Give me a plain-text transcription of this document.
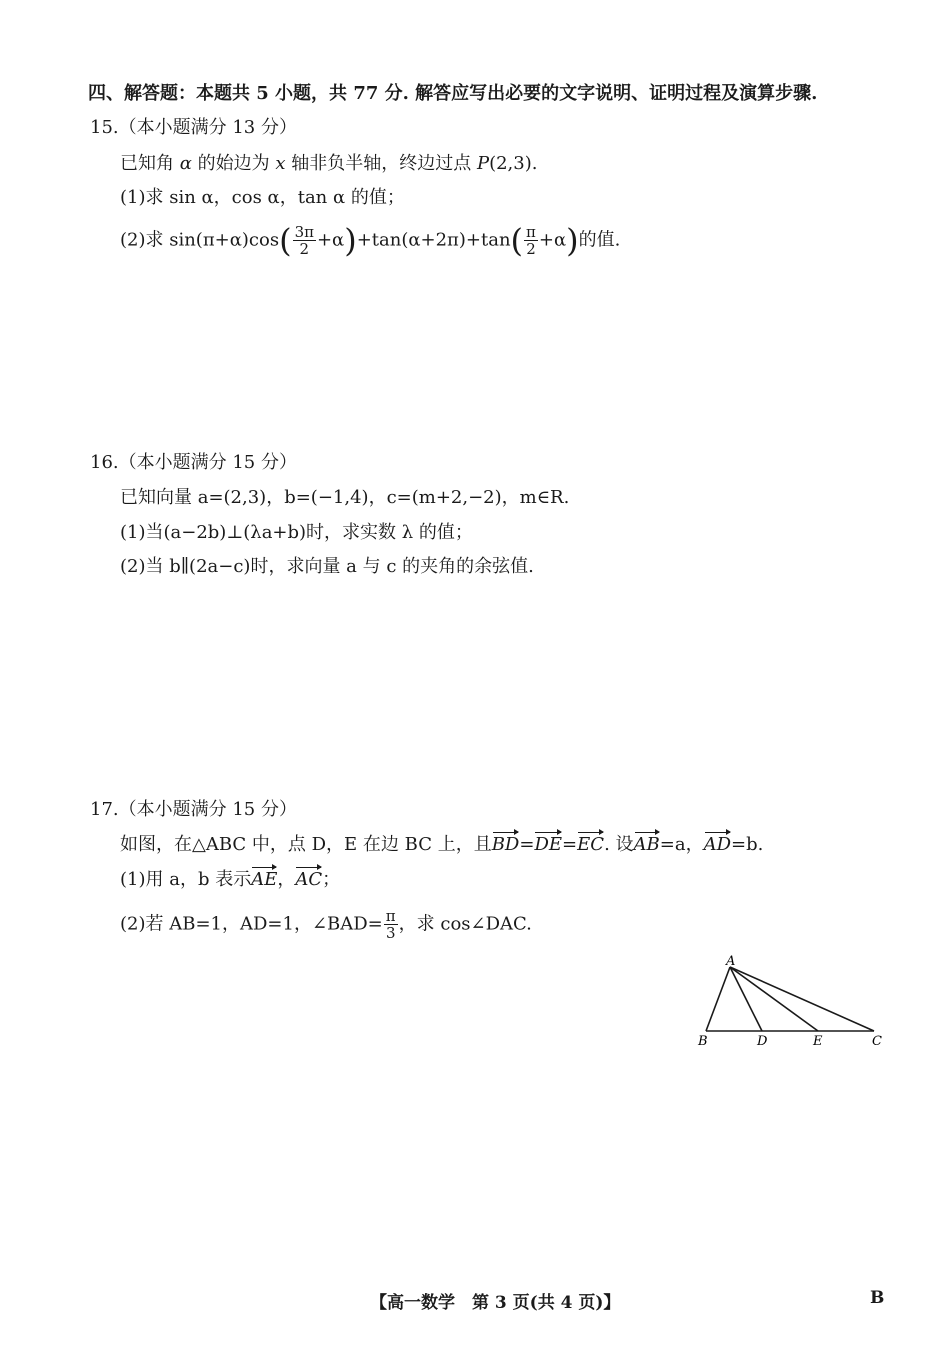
四、解答题：本题共 5 小题，共 77 分. 解答应写出必要的文字说明、证明过程及演算步骤.
15.（本小题满分 13 分）
已知角 α 的始边为 x 轴非负半轴，终边过点 P(2,3).
(1)求 sin α，cos α，tan α 的值；
(2)求 $\sin(\pi+\alpha)\cos( \frac{3\pi}{2} +\alpha)+\tan(\alpha+2\pi)+\tan( \frac{\pi}{2} +\alpha)$的值.
16.（本小题满分 15 分）
已知向量 a=(2,3)，b=(−1,4)，c=(m+2,−2)，m∈R.
(1)当(a−2b)⊥(λa+b)时，求实数 λ 的值；
(2)当 b∥(2a−c)时，求向量 a 与 c 的夹角的余弦值.
17.（本小题满分 15 分）
如图，在△ABC 中，点 D，E 在边 BC 上，且BD=DE=EC. 设AB=a，AD=b.
(1)用 a，b 表示AE，AC；
(2)若 AB=1，AD=1，∠BAD= $\frac{\pi}{3}$ ，求 cos∠DAC.
A
B	D	E	C
【高一数学　第 3 页(共 4 页)】	B
